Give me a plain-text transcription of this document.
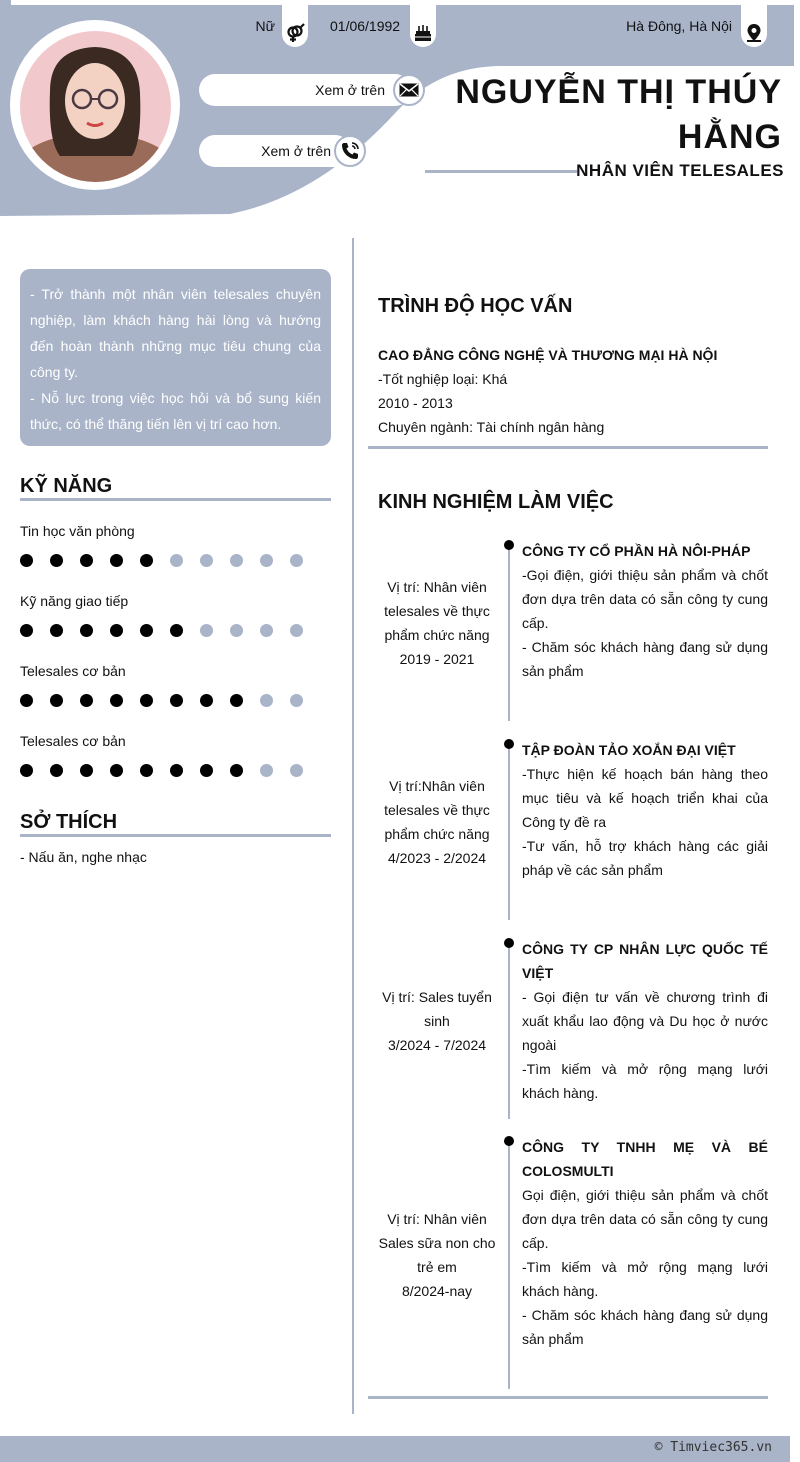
Nữ	01/06/1992	Hà Đông, Hà Nội
Xem ở trên
Xem ở trên
NGUYỄN THỊ THÚY HẰNG
NHÂN VIÊN TELESALES
- Trở thành một nhân viên telesales chuyên nghiệp, làm khách hàng hài lòng và hướng đến hoàn thành những mục tiêu chung của công ty.
- Nỗ lực trong việc học hỏi và bổ sung kiến thức, có thể thăng tiến lên vị trí cao hơn.
KỸ NĂNG
Tin học văn phòng
Kỹ năng giao tiếp
Telesales cơ bản
Telesales cơ bản
SỞ THÍCH
- Nấu ăn, nghe nhạc
TRÌNH ĐỘ HỌC VẤN
CAO ĐẲNG CÔNG NGHỆ VÀ THƯƠNG MẠI HÀ NỘI
-Tốt nghiệp loại: Khá
2010 - 2013
Chuyên ngành: Tài chính ngân hàng
KINH NGHIỆM LÀM VIỆC
Vị trí: Nhân viên telesales về thực phẩm chức năng
2019 - 2021
CÔNG TY CỔ PHẦN HÀ NÔI-PHÁP
-Gọi điện, giới thiệu sản phẩm và chốt đơn dựa trên data có sẵn công ty cung cấp.
- Chăm sóc khách hàng đang sử dụng sản phẩm
Vị trí:Nhân viên telesales về thực phẩm chức năng
4/2023 - 2/2024
TẬP ĐOÀN TẢO XOẮN ĐẠI VIỆT
-Thực hiện kế hoạch bán hàng theo mục tiêu và kế hoạch triển khai của Công ty đề ra
-Tư vấn, hỗ trợ khách hàng các giải pháp về các sản phẩm
Vị trí: Sales tuyển sinh
3/2024 - 7/2024
CÔNG TY CP NHÂN LỰC QUỐC TẾ VIỆT
- Gọi điện tư vấn về chương trình đi xuất khẩu lao động và Du học ở nước ngoài
-Tìm kiếm và mở rộng mạng lưới khách hàng.
Vị trí: Nhân viên Sales sữa non cho trẻ em
8/2024-nay
CÔNG TY TNHH MẸ VÀ BÉ COLOSMULTI
Gọi điện, giới thiệu sản phẩm và chốt đơn dựa trên data có sẵn công ty cung cấp.
-Tìm kiếm và mở rộng mạng lưới khách hàng.
- Chăm sóc khách hàng đang sử dụng sản phẩm
© Timviec365.vn
